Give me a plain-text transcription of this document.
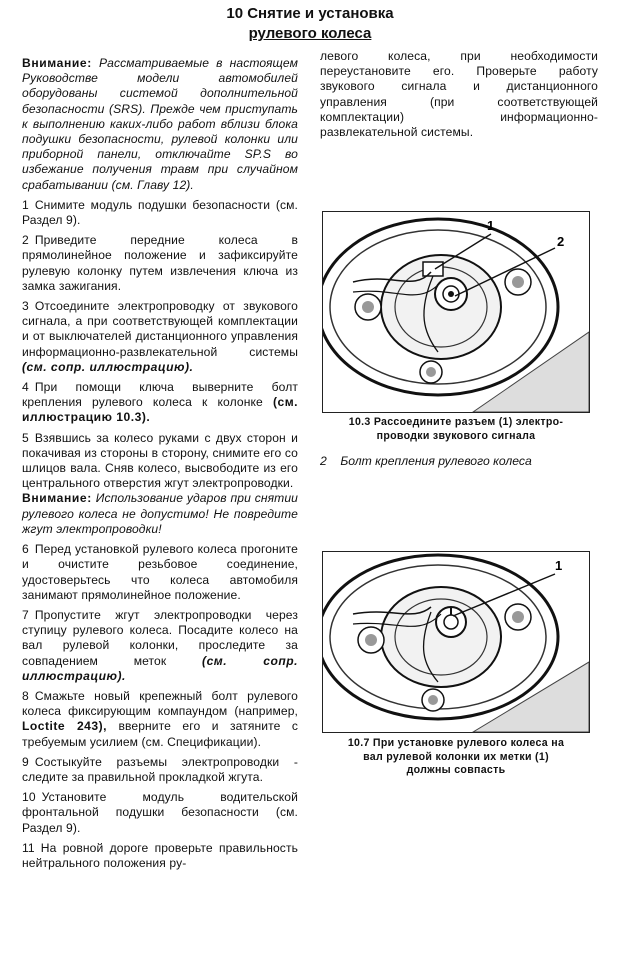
10 Снятие и установка
рулевого колеса

Внимание: Рассматриваемые в настоящем Руководстве модели автомобилей оборудованы системой дополнительной безопасности (SRS). Прежде чем приступать к выполнению каких-либо работ вблизи блока подушки безопасности, рулевой колонки или приборной панели, отключайте SP.S во избежание получения травм при случайном срабатывании (см. Главу 12).

1 Снимите модуль подушки безопасности (см. Раздел 9).

2 Приведите передние колеса в прямолинейное положение и зафиксируйте рулевую колонку путем извлечения ключа из замка зажигания.

3 Отсоедините электропроводку от звукового сигнала, а при соответствующей комплектации и от выключателей дистанционного управления информационно-развлекательной системы (см. сопр. иллюстрацию).

4 При помощи ключа выверните болт крепления рулевого колеса к колонке (см. иллюстрацию 10.3).

5 Взявшись за колесо руками с двух сторон и покачивая из стороны в сторону, снимите его со шлицов вала. Сняв колесо, высвободите из его центрального отверстия жгут электропроводки.

Внимание: Использование ударов при снятии рулевого колеса не допустимо! Не повредите жгут электропроводки!

6 Перед установкой рулевого колеса прогоните и очистите резьбовое соединение, удостоверьтесь что колеса автомобиля занимают прямолинейное положение.

7 Пропустите жгут электропроводки через ступицу рулевого колеса. Посадите колесо на вал рулевой колонки, проследите за совпадением меток	(см. сопр. иллюстрацию).

8 Смажьте новый крепежный болт рулевого колеса фиксирующим компаундом (например, Loctite 243), вверните его и затяните с требуемым усилием (см. Спецификации).

9 Состыкуйте разъемы электропроводки - следите за правильной прокладкой жгута.

10 Установите модуль водительской фронтальной подушки безопасности (см. Раздел 9).

11 На ровной дороге проверьте правильность нейтрального положения ру-

левого колеса, при необходимости переустановите его. Проверьте работу звукового сигнала и дистанционного управления (при соответствующей комплектации) информационно-развлекательной системы.

1
2
10.3 Рассоедините разъем (1) электро-
проводки звукового сигнала
2    Болт крепления рулевого колеса
1
10.7 При установке рулевого колеса на
вал рулевой колонки их метки (1)
должны совпасть
